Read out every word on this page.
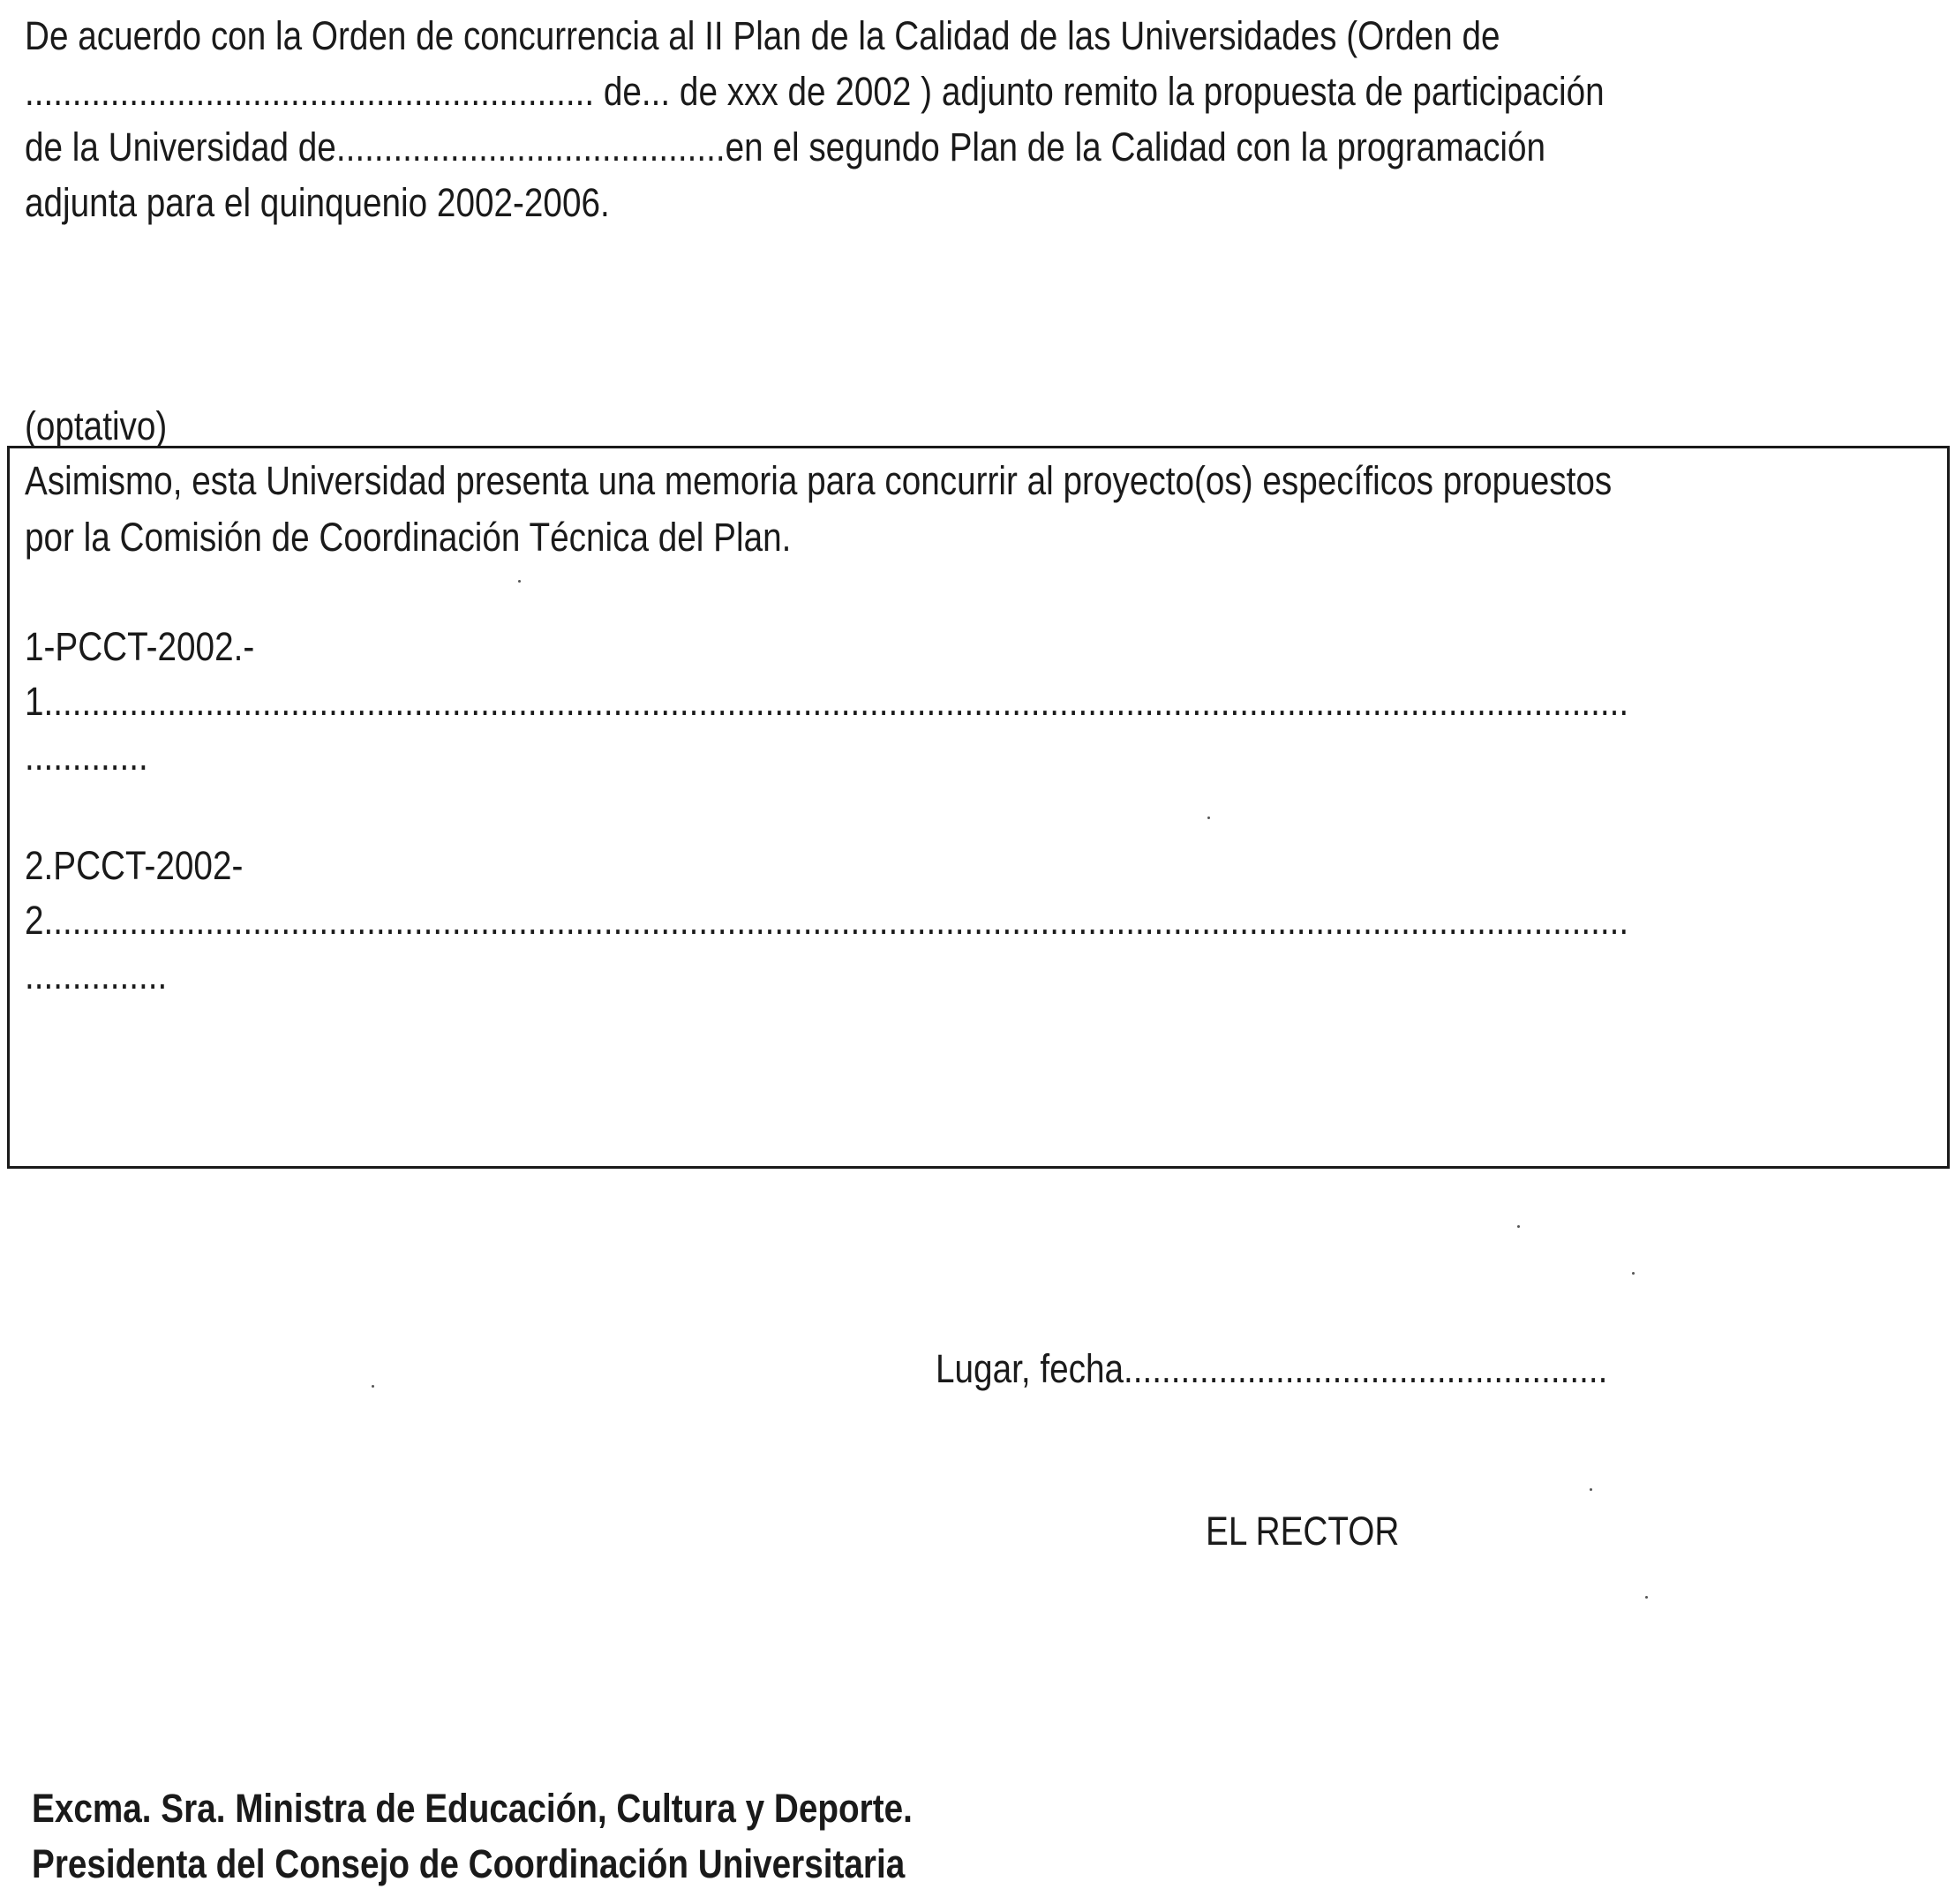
De acuerdo con la Orden de concurrencia al II Plan de la Calidad de las Universidades (Orden de
............................................................ de... de xxx de 2002 ) adjunto remito la propuesta de participación
de la Universidad de.........................................en el segundo Plan de la Calidad con la programación
adjunta para el quinquenio 2002-2006.
(optativo)
Asimismo, esta Universidad presenta una memoria para concurrir al proyecto(os) específicos propuestos
por la Comisión de Coordinación Técnica del Plan.
1-PCCT-2002.-
1.......................................................................................................................................................................
.............
2.PCCT-2002-
2.......................................................................................................................................................................
...............
Lugar, fecha...................................................
EL RECTOR
Excma. Sra. Ministra de Educación, Cultura y Deporte.
Presidenta del Consejo de Coordinación Universitaria
